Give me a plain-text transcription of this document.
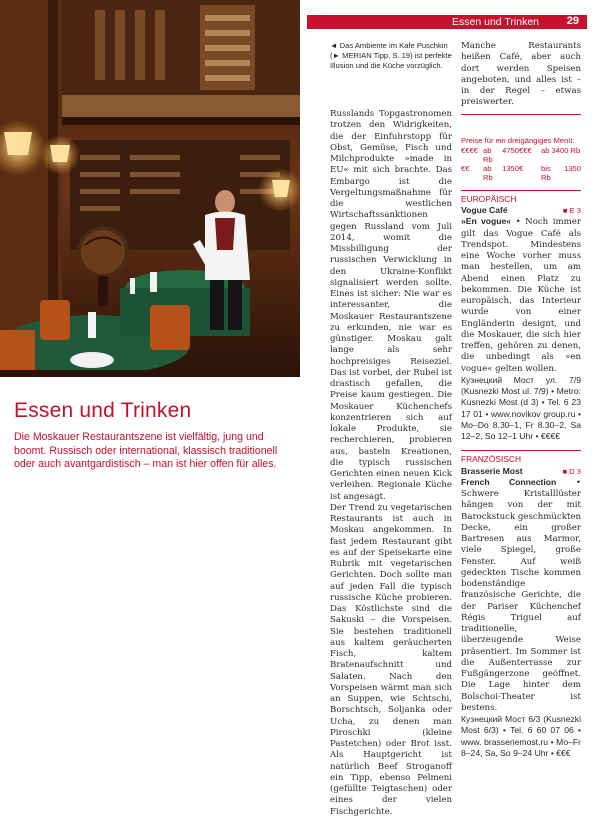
Essen und Trinken

Die Moskauer Restaurantszene ist vielfältig, jung und boomt. Russisch oder international, klassisch traditionell oder auch avantgardistisch – man ist hier offen für alles.

Essen und Trinken	29

◄ Das Ambiente im Kafe Puschkin (► MERIAN Tipp, S. 19) ist perfekte Illusion und die Küche vorzüglich.

Russlands Topgastronomen trotzen den Widrigkeiten, die der Einfuhrstopp für Obst, Gemüse, Fisch und Milchprodukte »made in EU« mit sich brachte. Das Embargo ist die Vergeltungsmaßnahme für die westlichen Wirtschaftssanktionen gegen Russland vom Juli 2014, womit die Missbilligung der russischen Verwicklung in den Ukraine-Konflikt signalisiert werden sollte. Eines ist sicher: Nie war es interessanter, die Moskauer Restaurantszene zu erkunden, nie war es günstiger. Moskau galt lange als sehr hochpreisiges Reiseziel. Das ist vorbei, der Rubel ist drastisch gefallen, die Preise kaum gestiegen. Die Moskauer Küchenchefs konzentrieren sich auf lokale Produkte, sie recherchieren, probieren aus, basteln Kreationen, die typisch russischen Gerichten einen neuen Kick verleihen. Regionale Küche ist angesagt.

Der Trend zu vegetarischen Restaurants ist auch in Moskau angekommen. In fast jedem Restaurant gibt es auf der Speisekarte eine Rubrik mit vegetarischen Gerichten. Doch sollte man auf jeden Fall die typisch russische Küche probieren. Das Köstlichste sind die Sakuski – die Vorspeisen. Sie bestehen traditionell aus kaltem geräucherten Fisch, kaltem Bratenaufschnitt und Salaten. Nach den Vorspeisen wärmt man sich an Suppen, wie Schtschi, Borschtsch, Soljanka oder Ucha, zu denen man Piroschki (kleine Pastetchen) oder Brot isst. Als Hauptgericht ist natürlich Beef Stroganoff ein Tipp, ebenso Pelmeni (gefüllte Teigtaschen) oder eines der vielen Fischgerichte.

Manche Restaurants heißen Café, aber auch dort werden Speisen angeboten, und alles ist – in der Regel – etwas preiswerter.

Preise für ein dreigängiges Menü:

€€€€ ab 4750 Rb
€€€	ab 3400 Rb
€€	ab 1350 Rb
€	bis 1350 Rb

EUROPÄISCH

Vogue Café	■ E 3

»En vogue« • Noch immer gilt das Vogue Café als Trendspot. Mindestens eine Woche vorher muss man bestellen, um am Abend einen Platz zu bekommen. Die Küche ist europäisch, das Interieur wurde von einer Engländerin designt, und die Moskauer, die sich hier treffen, gehören zu denen, die unbedingt als »en vogue« gelten wollen.

Кузнецкий Мост ул. 7/9 (Kusnezki Most ul. 7/9) • Metro: Kusnezki Most (d 3) • Tel. 6 23 17 01 • www.novikov group.ru • Mo–Do 8.30–1, Fr 8.30–2, Sa 12–2, So 12–1 Uhr • €€€€

FRANZÖSISCH

Brasserie Most	■ D 3

French Connection • Schwere Kristalllüster hängen von der mit Barockstuck geschmückten Decke, ein großer Bartresen aus Marmor, viele Spiegel, große Fenster. Auf weiß gedeckten Tische kommen bodenständige französische Gerichte, die der Pariser Küchenchef Régis Triguel auf traditionelle, überzeugende Weise präsentiert. Im Sommer ist die Außenterrasse zur Fußgängerzone geöffnet. Die Lage hinter dem Bolschoi-Theater ist bestens.

Кузнецкий Мост 6/3 (Kusnezki Most 6/3) • Tel. 6 60 07 06 • www. brasseriemost.ru • Mo–Fr 8–24, Sa, So 9–24 Uhr • €€€
